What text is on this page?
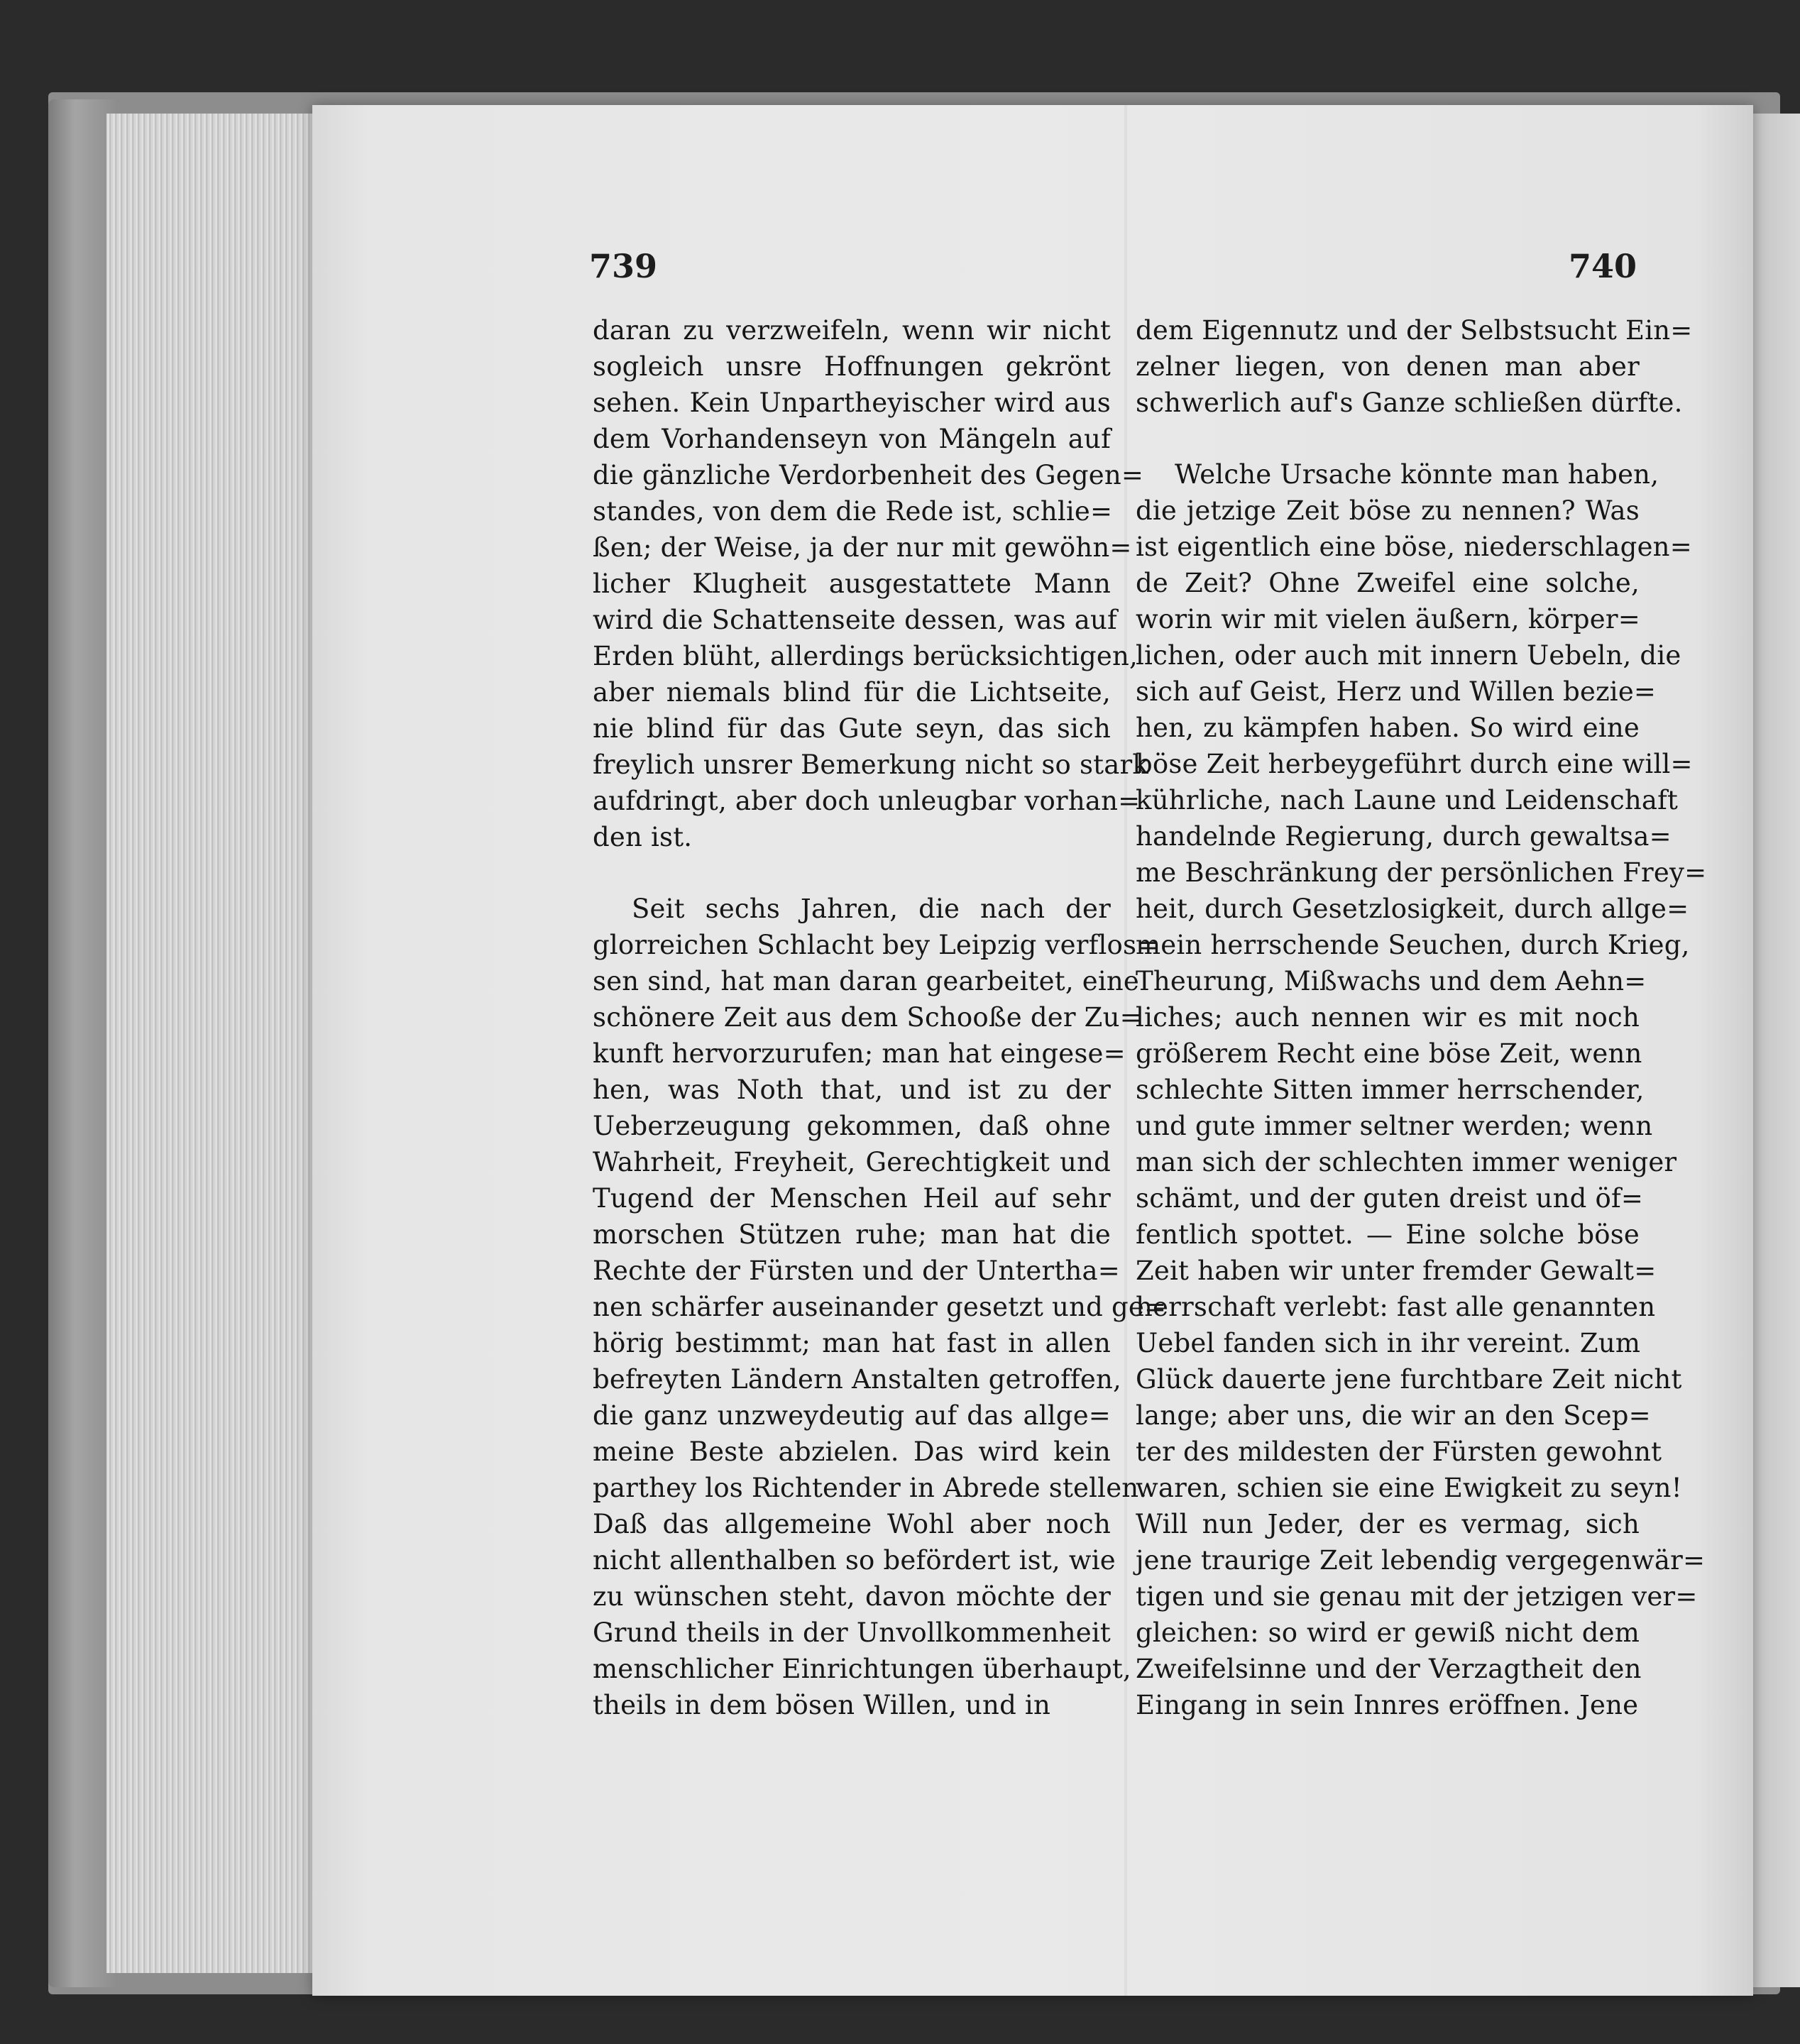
739	740
daran zu verzweifeln, wenn wir nicht
sogleich unsre Hoffnungen gekrönt
sehen. Kein Unpartheyischer wird aus
dem Vorhandenseyn von Mängeln auf
die gänzliche Verdorbenheit des Gegen=
standes, von dem die Rede ist, schlie=
ßen; der Weise, ja der nur mit gewöhn=
licher Klugheit ausgestattete Mann
wird die Schattenseite dessen, was auf
Erden blüht, allerdings berücksichtigen,
aber niemals blind für die Lichtseite,
nie blind für das Gute seyn, das sich
freylich unsrer Bemerkung nicht so stark
aufdringt, aber doch unleugbar vorhan=
den ist.
Seit sechs Jahren, die nach der
glorreichen Schlacht bey Leipzig verflos=
sen sind, hat man daran gearbeitet, eine
schönere Zeit aus dem Schooße der Zu=
kunft hervorzurufen; man hat eingese=
hen, was Noth that, und ist zu der
Ueberzeugung gekommen, daß ohne
Wahrheit, Freyheit, Gerechtigkeit und
Tugend der Menschen Heil auf sehr
morschen Stützen ruhe; man hat die
Rechte der Fürsten und der Untertha=
nen schärfer auseinander gesetzt und ge=
hörig bestimmt; man hat fast in allen
befreyten Ländern Anstalten getroffen,
die ganz unzweydeutig auf das allge=
meine Beste abzielen. Das wird kein
parthey los Richtender in Abrede stellen.
Daß das allgemeine Wohl aber noch
nicht allenthalben so befördert ist, wie
zu wünschen steht, davon möchte der
Grund theils in der Unvollkommenheit
menschlicher Einrichtungen überhaupt,
theils in dem bösen Willen, und in
dem Eigennutz und der Selbstsucht Ein=
zelner liegen, von denen man aber
schwerlich auf's Ganze schließen dürfte.
Welche Ursache könnte man haben,
die jetzige Zeit böse zu nennen? Was
ist eigentlich eine böse, niederschlagen=
de Zeit? Ohne Zweifel eine solche,
worin wir mit vielen äußern, körper=
lichen, oder auch mit innern Uebeln, die
sich auf Geist, Herz und Willen bezie=
hen, zu kämpfen haben. So wird eine
böse Zeit herbeygeführt durch eine will=
kührliche, nach Laune und Leidenschaft
handelnde Regierung, durch gewaltsa=
me Beschränkung der persönlichen Frey=
heit, durch Gesetzlosigkeit, durch allge=
mein herrschende Seuchen, durch Krieg,
Theurung, Mißwachs und dem Aehn=
liches; auch nennen wir es mit noch
größerem Recht eine böse Zeit, wenn
schlechte Sitten immer herrschender,
und gute immer seltner werden; wenn
man sich der schlechten immer weniger
schämt, und der guten dreist und öf=
fentlich spottet. — Eine solche böse
Zeit haben wir unter fremder Gewalt=
herrschaft verlebt: fast alle genannten
Uebel fanden sich in ihr vereint. Zum
Glück dauerte jene furchtbare Zeit nicht
lange; aber uns, die wir an den Scep=
ter des mildesten der Fürsten gewohnt
waren, schien sie eine Ewigkeit zu seyn!
Will nun Jeder, der es vermag, sich
jene traurige Zeit lebendig vergegenwär=
tigen und sie genau mit der jetzigen ver=
gleichen: so wird er gewiß nicht dem
Zweifelsinne und der Verzagtheit den
Eingang in sein Innres eröffnen. Jene
